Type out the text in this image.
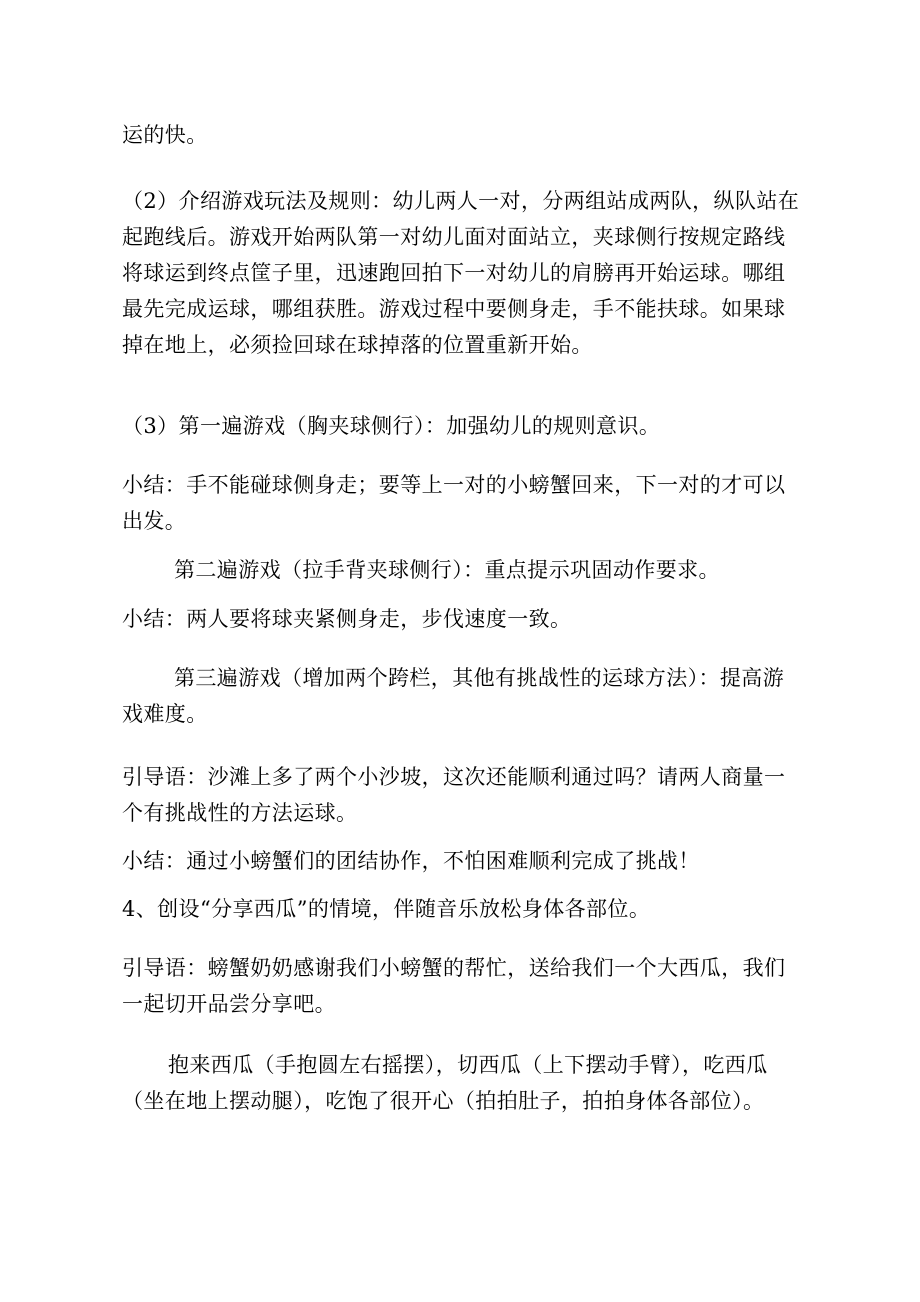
运的快。

（2）介绍游戏玩法及规则：幼儿两人一对，分两组站成两队，纵队站在起跑线后。游戏开始两队第一对幼儿面对面站立，夹球侧行按规定路线将球运到终点筐子里，迅速跑回拍下一对幼儿的肩膀再开始运球。哪组最先完成运球，哪组获胜。游戏过程中要侧身走，手不能扶球。如果球掉在地上，必须捡回球在球掉落的位置重新开始。

（3）第一遍游戏（胸夹球侧行）：加强幼儿的规则意识。

小结：手不能碰球侧身走；要等上一对的小螃蟹回来，下一对的才可以出发。

第二遍游戏（拉手背夹球侧行）：重点提示巩固动作要求。

小结：两人要将球夹紧侧身走，步伐速度一致。

第三遍游戏（增加两个跨栏，其他有挑战性的运球方法）：提高游戏难度。

引导语：沙滩上多了两个小沙坡，这次还能顺利通过吗？请两人商量一个有挑战性的方法运球。

小结：通过小螃蟹们的团结协作，不怕困难顺利完成了挑战！

4、创设“分享西瓜”的情境，伴随音乐放松身体各部位。

引导语：螃蟹奶奶感谢我们小螃蟹的帮忙，送给我们一个大西瓜，我们一起切开品尝分享吧。

抱来西瓜（手抱圆左右摇摆），切西瓜（上下摆动手臂），吃西瓜（坐在地上摆动腿），吃饱了很开心（拍拍肚子，拍拍身体各部位）。
